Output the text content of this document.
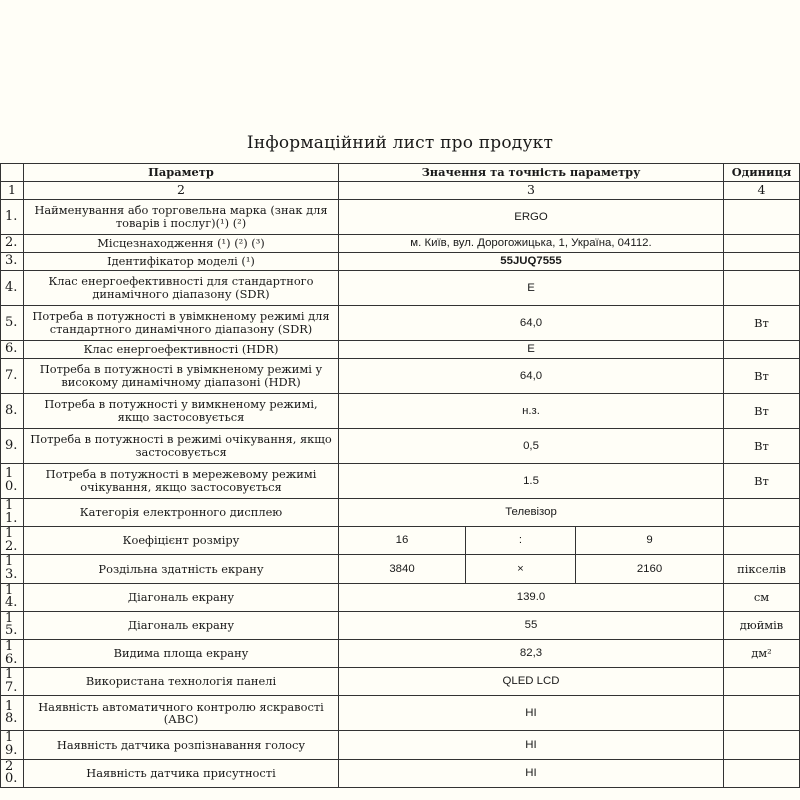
Інформаційний лист про продукт
	Параметр	Значення та точність параметру			Одиниця
1	2	3			4
1.	Найменування або торговельна марка (знак для товарів і послуг)(¹) (²)	ERGO			
2.	Місцезнаходження (¹) (²) (³)	м. Київ, вул. Дорогожицька, 1, Україна, 04112.			
3.	Ідентифікатор моделі (¹)	55JUQ7555			
4.	Клас енергоефективності для стандартного динамічного діапазону (SDR)	E			
5.	Потреба в потужності в увімкненому режимі для стандартного динамічного діапазону (SDR)	64,0			Вт
6.	Клас енергоефективності (HDR)	E			
7.	Потреба в потужності в увімкненому режимі у високому динамічному діапазоні (HDR)	64,0			Вт
8.	Потреба в потужності у вимкненому режимі, якщо застосовується	н.з.			Вт
9.	Потреба в потужності в режимі очікування, якщо застосовується	0,5			Вт
10.	Потреба в потужності в мережевому режимі очікування, якщо застосовується	1.5			Вт
11.	Категорія електронного дисплею	Телевізор			
12.	Коефіцієнт розміру	16	:	9	
13.	Роздільна здатність екрану	3840	×	2160	пікселів
14.	Діагональ екрану	139.0			см
15.	Діагональ екрану	55			дюймів
16.	Видима площа екрану	82,3			дм²
17.	Використана технологія панелі	QLED LCD			
18.	Наявність автоматичного контролю яскравості (АВС)	НІ			
19.	Наявність датчика розпізнавання голосу	НІ			
20.	Наявність датчика присутності	НІ			
